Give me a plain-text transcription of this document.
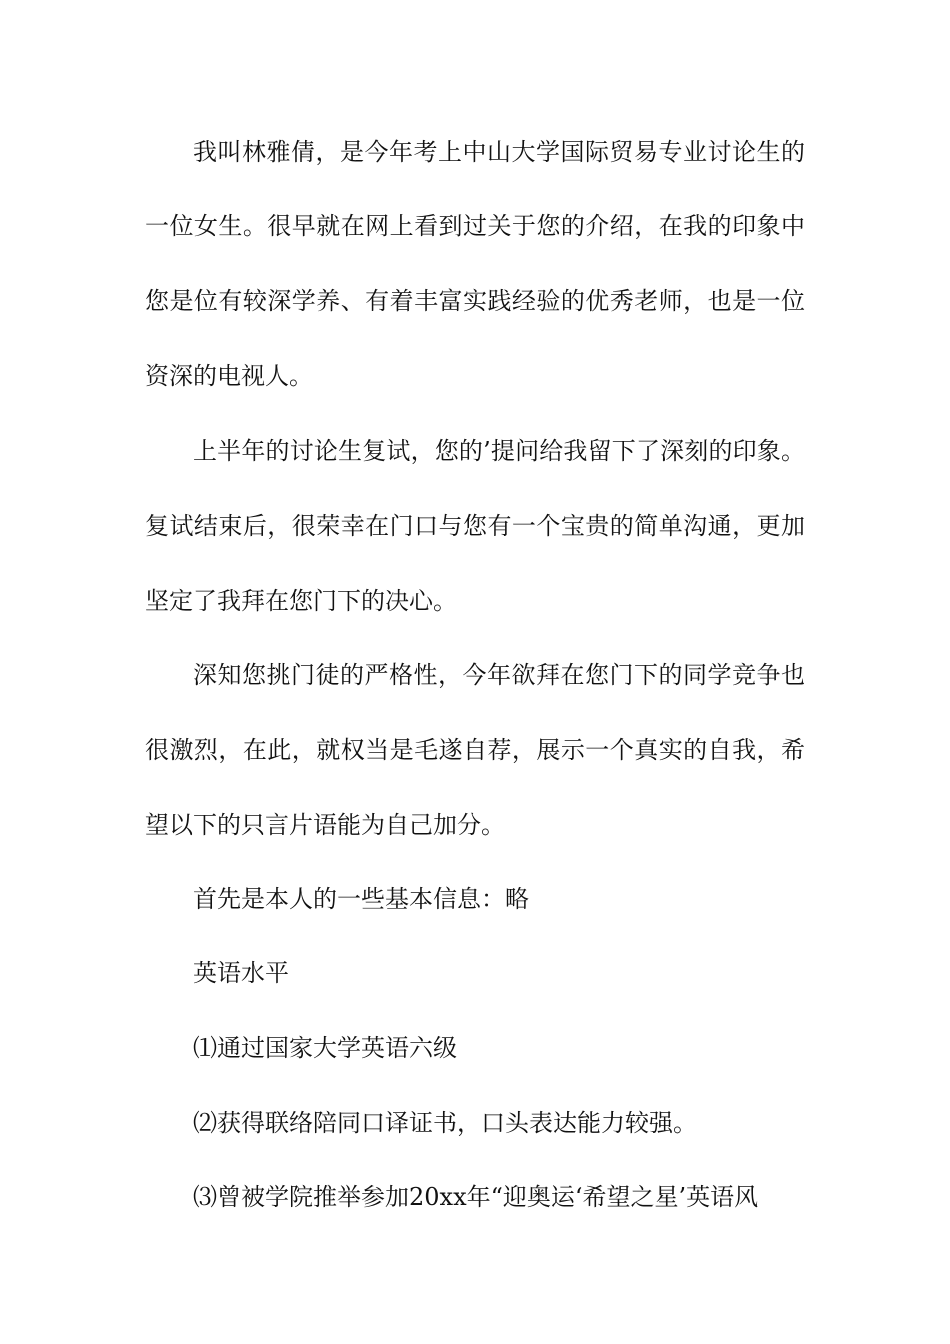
我叫林雅倩，是今年考上中山大学国际贸易专业讨论生的
一位女生。很早就在网上看到过关于您的介绍，在我的印象中
您是位有较深学养、有着丰富实践经验的优秀老师，也是一位
资深的电视人。
上半年的讨论生复试，您的’提问给我留下了深刻的印象。
复试结束后，很荣幸在门口与您有一个宝贵的简单沟通，更加
坚定了我拜在您门下的决心。
深知您挑门徒的严格性，今年欲拜在您门下的同学竞争也
很激烈，在此，就权当是毛遂自荐，展示一个真实的自我，希
望以下的只言片语能为自己加分。
首先是本人的一些基本信息：略
英语水平
⑴通过国家大学英语六级
⑵获得联络陪同口译证书，口头表达能力较强。
⑶曾被学院推举参加20xx年“迎奥运‘希望之星’英语风
